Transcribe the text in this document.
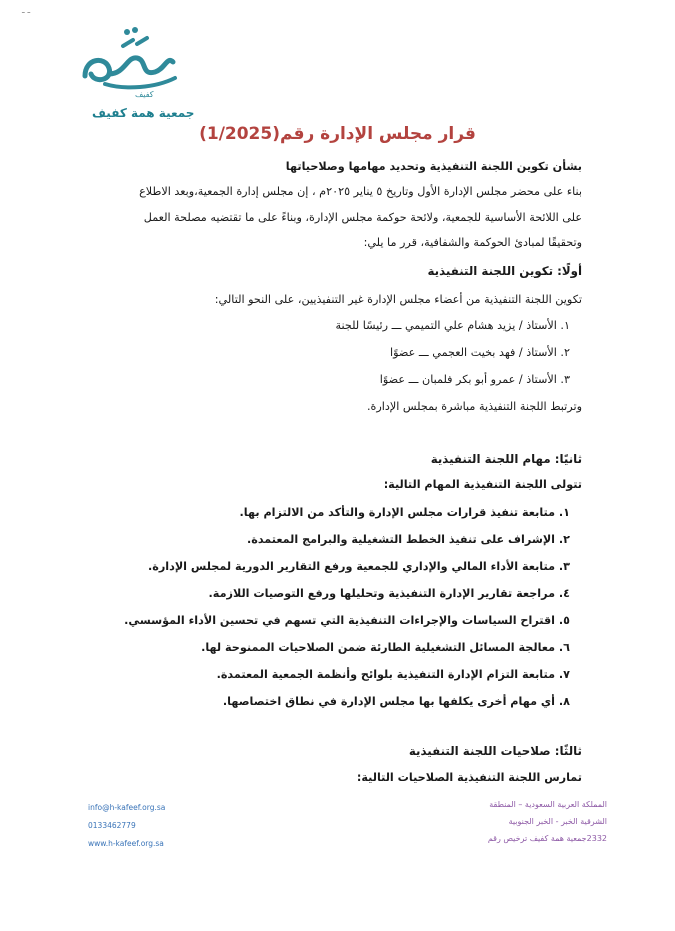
ـ ـ
كفيف
جمعية همة كفيف
قرار مجلس الإدارة رقم(1/2025)
بشأن تكوين اللجنة التنفيذية وتحديد مهامها وصلاحياتها
بناء على محضر مجلس الإدارة الأول وتاريخ ٥ يناير ٢٠٢٥م ، إن مجلس إدارة الجمعية،وبعد الاطلاع
على اللائحة الأساسية للجمعية، ولائحة حوكمة مجلس الإدارة، وبناءً على ما تقتضيه مصلحة العمل
وتحقيقًا لمبادئ الحوكمة والشفافية، قرر ما يلي:
أولًا: تكوين اللجنة التنفيذية
تكوين اللجنة التنفيذية من أعضاء مجلس الإدارة غير التنفيذيين، على النحو التالي:
١. الأستاذ / يزيد هشام علي التميمي ـــ رئيسًا للجنة
٢. الأستاذ / فهد بخيت العجمي ـــ عضوًا
٣. الأستاذ / عمرو أبو بكر فلمبان ـــ عضوًا
وترتبط اللجنة التنفيذية مباشرة بمجلس الإدارة.
ثانيًا: مهام اللجنة التنفيذية
تتولى اللجنة التنفيذية المهام التالية:
١. متابعة تنفيذ قرارات مجلس الإدارة والتأكد من الالتزام بها.
٢. الإشراف على تنفيذ الخطط التشغيلية والبرامج المعتمدة.
٣. متابعة الأداء المالي والإداري للجمعية ورفع التقارير الدورية لمجلس الإدارة.
٤. مراجعة تقارير الإدارة التنفيذية وتحليلها ورفع التوصيات اللازمة.
٥. اقتراح السياسات والإجراءات التنفيذية التي تسهم في تحسين الأداء المؤسسي.
٦. معالجة المسائل التشغيلية الطارئة ضمن الصلاحيات الممنوحة لها.
٧. متابعة التزام الإدارة التنفيذية بلوائح وأنظمة الجمعية المعتمدة.
٨. أي مهام أخرى يكلفها بها مجلس الإدارة في نطاق اختصاصها.
ثالثًا: صلاحيات اللجنة التنفيذية
تمارس اللجنة التنفيذية الصلاحيات التالية:
info@h-kafeef.org.sa
0133462779
www.h-kafeef.org.sa
المملكة العربية السعودية – المنطقة
الشرقية الخبر - الخبر الجنوبية
2332جمعية همة كفيف ترخيص رقم
